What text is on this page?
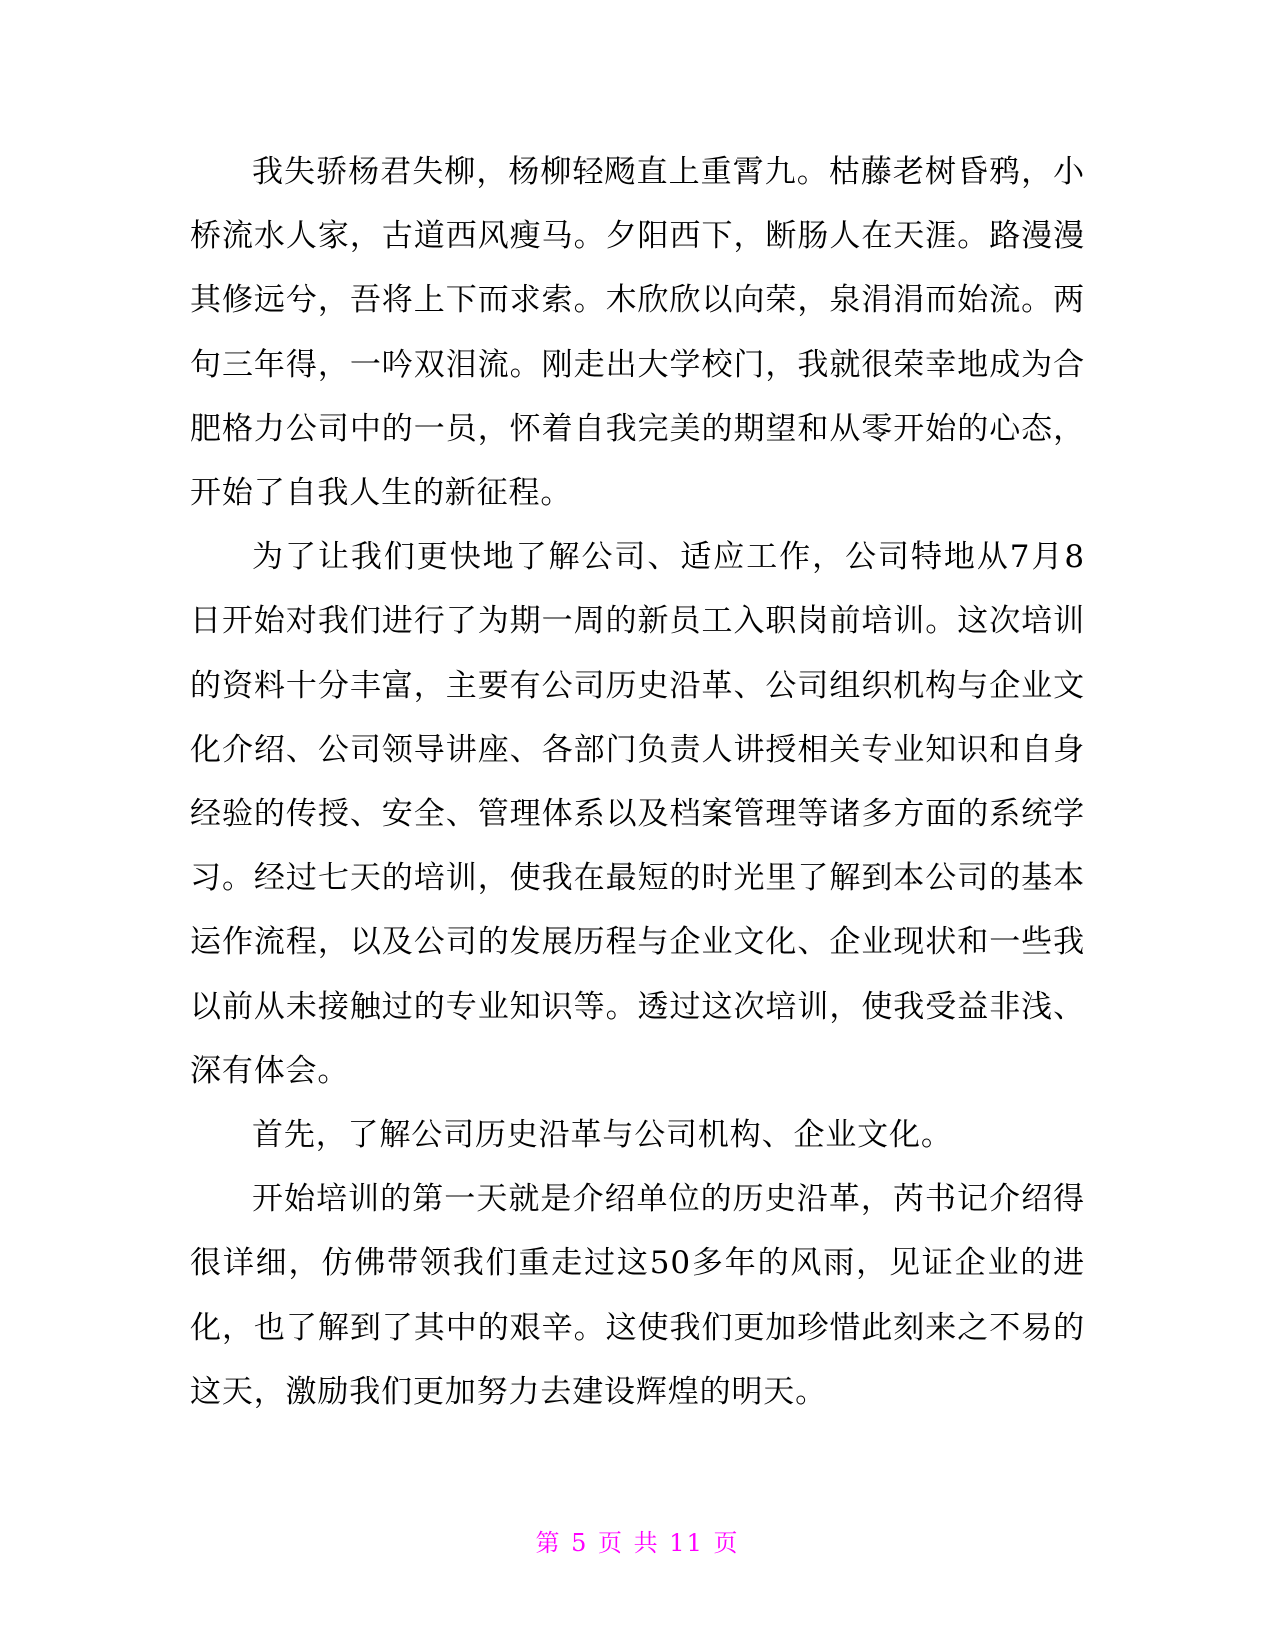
我失骄杨君失柳，杨柳轻飏直上重霄九。枯藤老树昏鸦，小桥流水人家，古道西风瘦马。夕阳西下，断肠人在天涯。路漫漫其修远兮，吾将上下而求索。木欣欣以向荣，泉涓涓而始流。两句三年得，一吟双泪流。刚走出大学校门，我就很荣幸地成为合肥格力公司中的一员，怀着自我完美的期望和从零开始的心态，开始了自我人生的新征程。

为了让我们更快地了解公司、适应工作，公司特地从7月8日开始对我们进行了为期一周的新员工入职岗前培训。这次培训的资料十分丰富，主要有公司历史沿革、公司组织机构与企业文化介绍、公司领导讲座、各部门负责人讲授相关专业知识和自身经验的传授、安全、管理体系以及档案管理等诸多方面的系统学习。经过七天的培训，使我在最短的时光里了解到本公司的基本运作流程，以及公司的发展历程与企业文化、企业现状和一些我以前从未接触过的专业知识等。透过这次培训，使我受益非浅、深有体会。

首先，了解公司历史沿革与公司机构、企业文化。

开始培训的第一天就是介绍单位的历史沿革，芮书记介绍得很详细，仿佛带领我们重走过这50多年的风雨，见证企业的进化，也了解到了其中的艰辛。这使我们更加珍惜此刻来之不易的这天，激励我们更加努力去建设辉煌的明天。

第 5 页 共 11 页
